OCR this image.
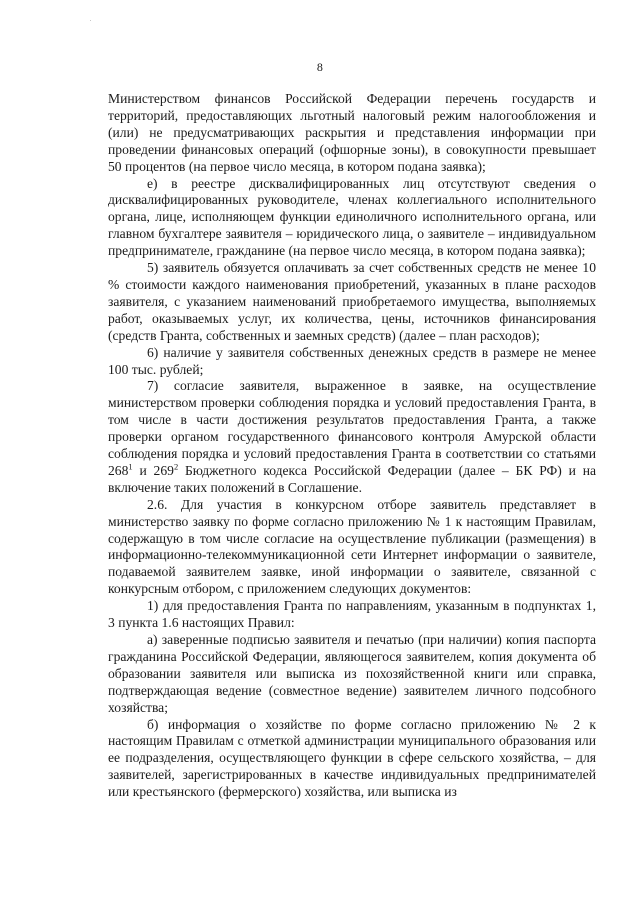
8

Министерством финансов Российской Федерации перечень государств и территорий, предоставляющих льготный налоговый режим налогообложения и (или) не предусматривающих раскрытия и представления информации при проведении финансовых операций (офшорные зоны), в совокупности превышает 50 процентов (на первое число месяца, в котором подана заявка);

е) в реестре дисквалифицированных лиц отсутствуют сведения о дисквалифицированных руководителе, членах коллегиального исполнительного органа, лице, исполняющем функции единоличного исполнительного органа, или главном бухгалтере заявителя – юридического лица, о заявителе – индивидуальном предпринимателе, гражданине (на первое число месяца, в котором подана заявка);

5) заявитель обязуется оплачивать за счет собственных средств не менее 10 % стоимости каждого наименования приобретений, указанных в плане расходов заявителя, с указанием наименований приобретаемого имущества, выполняемых работ, оказываемых услуг, их количества, цены, источников финансирования (средств Гранта, собственных и заемных средств) (далее – план расходов);

6) наличие у заявителя собственных денежных средств в размере не менее 100 тыс. рублей;

7) согласие заявителя, выраженное в заявке, на осуществление министерством проверки соблюдения порядка и условий предоставления Гранта, в том числе в части достижения результатов предоставления Гранта, а также проверки органом государственного финансового контроля Амурской области соблюдения порядка и условий предоставления Гранта в соответствии со статьями $268^1$ и $269^2$ Бюджетного кодекса Российской Федерации (далее – БК РФ) и на включение таких положений в Соглашение.

2.6. Для участия в конкурсном отборе заявитель представляет в министерство заявку по форме согласно приложению № 1 к настоящим Правилам, содержащую в том числе согласие на осуществление публикации (размещения) в информационно-телекоммуникационной сети Интернет информации о заявителе, подаваемой заявителем заявке, иной информации о заявителе, связанной с конкурсным отбором, с приложением следующих документов:

1) для предоставления Гранта по направлениям, указанным в подпунктах 1, 3 пункта 1.6 настоящих Правил:

а) заверенные подписью заявителя и печатью (при наличии) копия паспорта гражданина Российской Федерации, являющегося заявителем, копия документа об образовании заявителя или выписка из похозяйственной книги или справка, подтверждающая ведение (совместное ведение) заявителем личного подсобного хозяйства;

б) информация о хозяйстве по форме согласно приложению № 2 к настоящим Правилам с отметкой администрации муниципального образования или ее подразделения, осуществляющего функции в сфере сельского хозяйства, – для заявителей, зарегистрированных в качестве индивидуальных предпринимателей или крестьянского (фермерского) хозяйства, или выписка из
